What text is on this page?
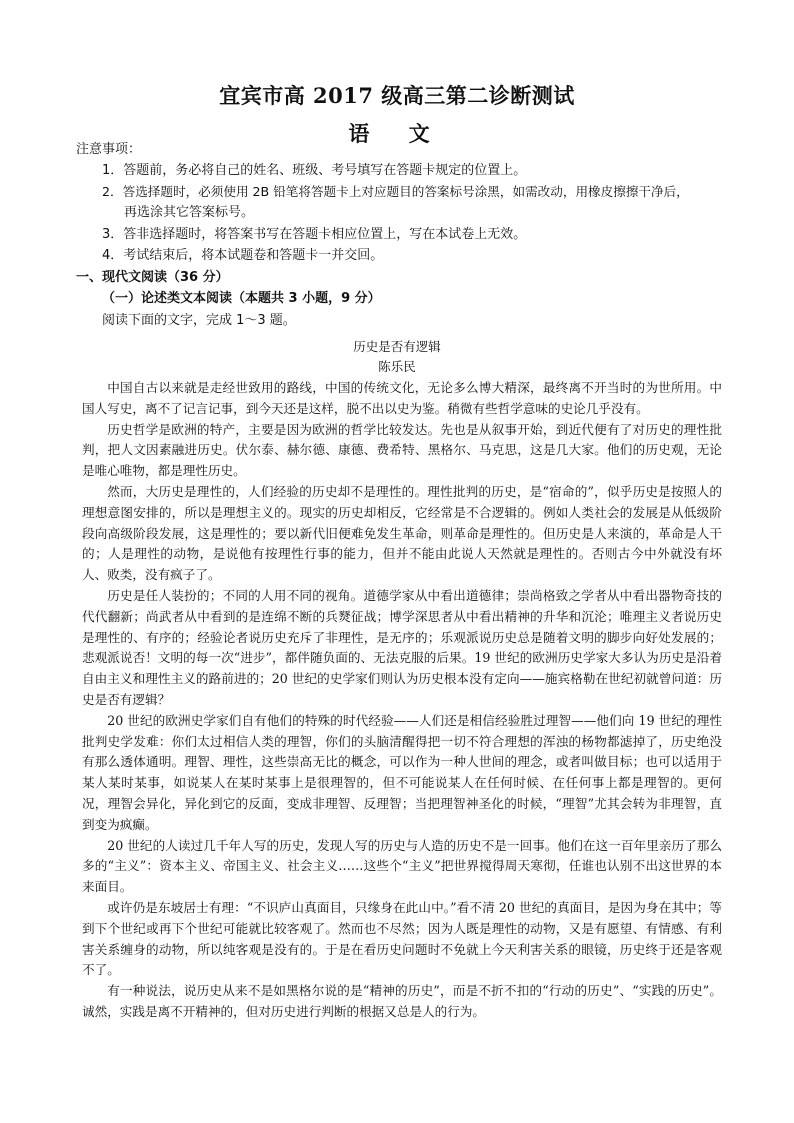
宜宾市高 2017 级高三第二诊断测试
语 文
注意事项：
1．答题前，务必将自己的姓名、班级、考号填写在答题卡规定的位置上。
2．答选择题时，必须使用 2B 铅笔将答题卡上对应题目的答案标号涂黑，如需改动，用橡皮擦擦干净后，
再选涂其它答案标号。
3．答非选择题时，将答案书写在答题卡相应位置上，写在本试卷上无效。
4．考试结束后，将本试题卷和答题卡一并交回。
一、现代文阅读（36 分）
（一）论述类文本阅读（本题共 3 小题，9 分）
阅读下面的文字，完成 1～3 题。
历史是否有逻辑
陈乐民

中国自古以来就是走经世致用的路线，中国的传统文化，无论多么博大精深，最终离不开当时的为世所用。中国人写史，离不了记言记事，到今天还是这样，脱不出以史为鉴。稍微有些哲学意味的史论几乎没有。

历史哲学是欧洲的特产，主要是因为欧洲的哲学比较发达。先也是从叙事开始，到近代便有了对历史的理性批判，把人文因素融进历史。伏尔泰、赫尔德、康德、费希特、黑格尔、马克思，这是几大家。他们的历史观，无论是唯心唯物，都是理性历史。

然而，大历史是理性的，人们经验的历史却不是理性的。理性批判的历史，是“宿命的”，似乎历史是按照人的理想意图安排的，所以是理想主义的。现实的历史却相反，它经常是不合逻辑的。例如人类社会的发展是从低级阶段向高级阶段发展，这是理性的；要以新代旧便难免发生革命，则革命是理性的。但历史是人来演的，革命是人干的；人是理性的动物，是说他有按理性行事的能力，但并不能由此说人天然就是理性的。否则古今中外就没有坏人、败类，没有疯子了。

历史是任人装扮的；不同的人用不同的视角。道德学家从中看出道德律；崇尚格致之学者从中看出器物奇技的代代翻新；尚武者从中看到的是连绵不断的兵燹征战；博学深思者从中看出精神的升华和沉沦；唯理主义者说历史是理性的、有序的；经验论者说历史充斥了非理性，是无序的；乐观派说历史总是随着文明的脚步向好处发展的；悲观派说否！文明的每一次“进步”，都伴随负面的、无法克服的后果。19 世纪的欧洲历史学家大多认为历史是沿着自由主义和理性主义的路前进的；20 世纪的史学家们则认为历史根本没有定向——施宾格勒在世纪初就曾问道：历史是否有逻辑？

20 世纪的欧洲史学家们自有他们的特殊的时代经验——人们还是相信经验胜过理智——他们向 19 世纪的理性批判史学发难：你们太过相信人类的理智，你们的头脑清醒得把一切不符合理想的浑浊的杨物都滤掉了，历史绝没有那么透体通明。理智、理性，这些崇高无比的概念，可以作为一种人世间的理念，或者叫做目标；也可以适用于某人某时某事，如说某人在某时某事上是很理智的，但不可能说某人在任何时候、在任何事上都是理智的。更何况，理智会异化，异化到它的反面，变成非理智、反理智；当把理智神圣化的时候，“理智”尤其会转为非理智，直到变为疯癫。

20 世纪的人读过几千年人写的历史，发现人写的历史与人造的历史不是一回事。他们在这一百年里亲历了那么多的“主义”：资本主义、帝国主义、社会主义……这些个“主义”把世界搅得周天寒彻，任谁也认别不出这世界的本来面目。

或许仍是东坡居士有理：“不识庐山真面目，只缘身在此山中。”看不清 20 世纪的真面目，是因为身在其中；等到下个世纪或再下个世纪可能就比较客观了。然而也不尽然；因为人既是理性的动物，又是有愿望、有情感、有利害关系缠身的动物，所以纯客观是没有的。于是在看历史问题时不免就上今天利害关系的眼镜，历史终于还是客观不了。

有一种说法，说历史从来不是如黑格尔说的是“精神的历史”，而是不折不扣的“行动的历史”、“实践的历史”。诚然，实践是离不开精神的，但对历史进行判断的根据又总是人的行为。
